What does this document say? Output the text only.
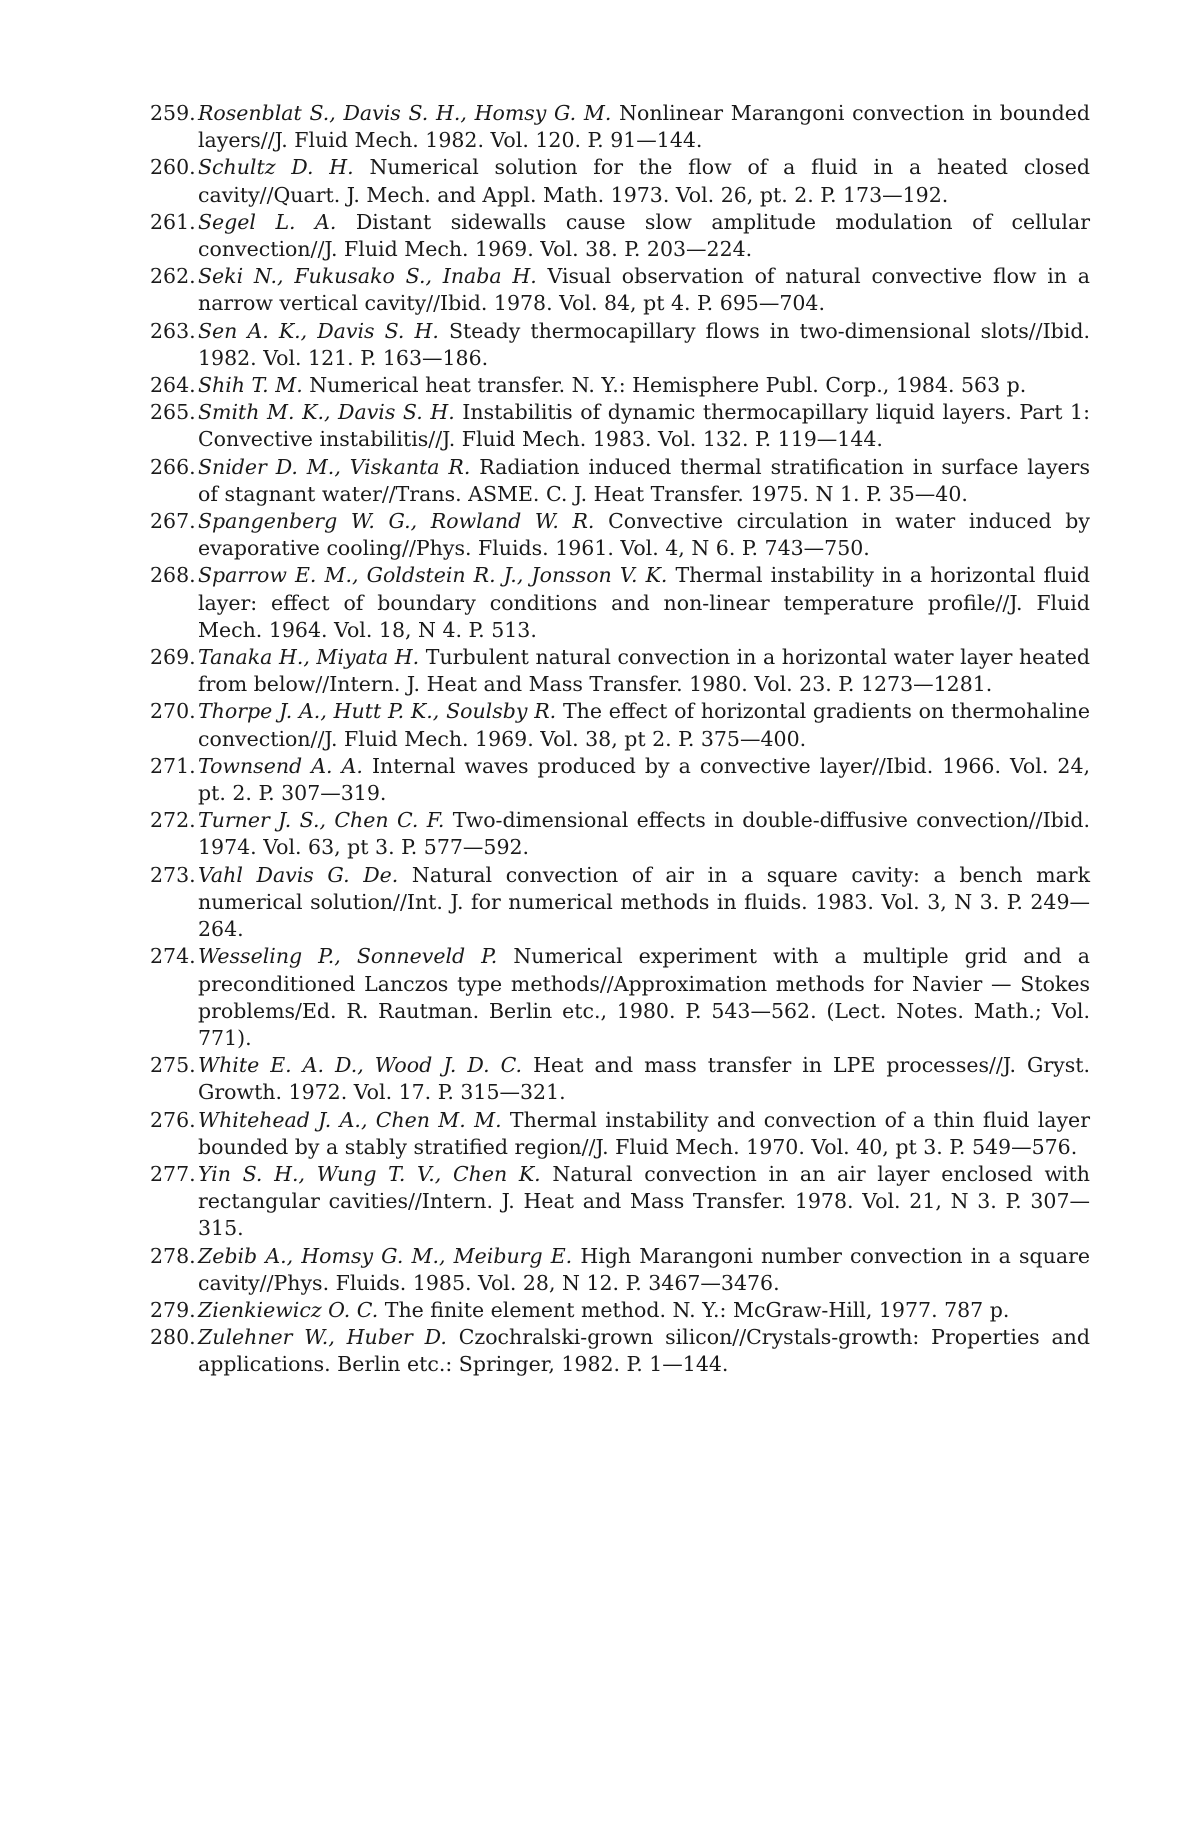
259. Rosenblat S., Davis S. H., Homsy G. M. Nonlinear Marangoni convection in bounded layers//J. Fluid Mech. 1982. Vol. 120. P. 91—144.
260. Schultz D. H. Numerical solution for the flow of a fluid in a heated closed cavity//Quart. J. Mech. and Appl. Math. 1973. Vol. 26, pt. 2. P. 173—192.
261. Segel L. A. Distant sidewalls cause slow amplitude modulation of cellular convection//J. Fluid Mech. 1969. Vol. 38. P. 203—224.
262. Seki N., Fukusako S., Inaba H. Visual observation of natural convective flow in a narrow vertical cavity//Ibid. 1978. Vol. 84, pt 4. P. 695—704.
263. Sen A. K., Davis S. H. Steady thermocapillary flows in two-dimensional slots//Ibid. 1982. Vol. 121. P. 163—186.
264. Shih T. M. Numerical heat transfer. N. Y.: Hemisphere Publ. Corp., 1984. 563 p.
265. Smith M. K., Davis S. H. Instabilitis of dynamic thermocapillary liquid layers. Part 1: Convective instabilitis//J. Fluid Mech. 1983. Vol. 132. P. 119—144.
266. Snider D. M., Viskanta R. Radiation induced thermal stratification in surface layers of stagnant water//Trans. ASME. C. J. Heat Transfer. 1975. N 1. P. 35—40.
267. Spangenberg W. G., Rowland W. R. Convective circulation in water induced by evaporative cooling//Phys. Fluids. 1961. Vol. 4, N 6. P. 743—750.
268. Sparrow E. M., Goldstein R. J., Jonsson V. K. Thermal instability in a horizontal fluid layer: effect of boundary conditions and non-linear temperature profile//J. Fluid Mech. 1964. Vol. 18, N 4. P. 513.
269. Tanaka H., Miyata H. Turbulent natural convection in a horizontal water layer heated from below//Intern. J. Heat and Mass Transfer. 1980. Vol. 23. P. 1273—1281.
270. Thorpe J. A., Hutt P. K., Soulsby R. The effect of horizontal gradients on thermohaline convection//J. Fluid Mech. 1969. Vol. 38, pt 2. P. 375—400.
271. Townsend A. A. Internal waves produced by a convective layer//Ibid. 1966. Vol. 24, pt. 2. P. 307—319.
272. Turner J. S., Chen C. F. Two-dimensional effects in double-diffusive convection//Ibid. 1974. Vol. 63, pt 3. P. 577—592.
273. Vahl Davis G. De. Natural convection of air in a square cavity: a bench mark numerical solution//Int. J. for numerical methods in fluids. 1983. Vol. 3, N 3. P. 249—264.
274. Wesseling P., Sonneveld P. Numerical experiment with a multiple grid and a preconditioned Lanczos type methods//Approximation methods for Navier — Stokes problems/Ed. R. Rautman. Berlin etc., 1980. P. 543—562. (Lect. Notes. Math.; Vol. 771).
275. White E. A. D., Wood J. D. C. Heat and mass transfer in LPE processes//J. Gryst. Growth. 1972. Vol. 17. P. 315—321.
276. Whitehead J. A., Chen M. M. Thermal instability and convection of a thin fluid layer bounded by a stably stratified region//J. Fluid Mech. 1970. Vol. 40, pt 3. P. 549—576.
277. Yin S. H., Wung T. V., Chen K. Natural convection in an air layer enclosed with rectangular cavities//Intern. J. Heat and Mass Transfer. 1978. Vol. 21, N 3. P. 307—315.
278. Zebib A., Homsy G. M., Meiburg E. High Marangoni number convection in a square cavity//Phys. Fluids. 1985. Vol. 28, N 12. P. 3467—3476.
279. Zienkiewicz O. C. The finite element method. N. Y.: McGraw-Hill, 1977. 787 p.
280. Zulehner W., Huber D. Czochralski-grown silicon//Crystals-growth: Properties and applications. Berlin etc.: Springer, 1982. P. 1—144.
